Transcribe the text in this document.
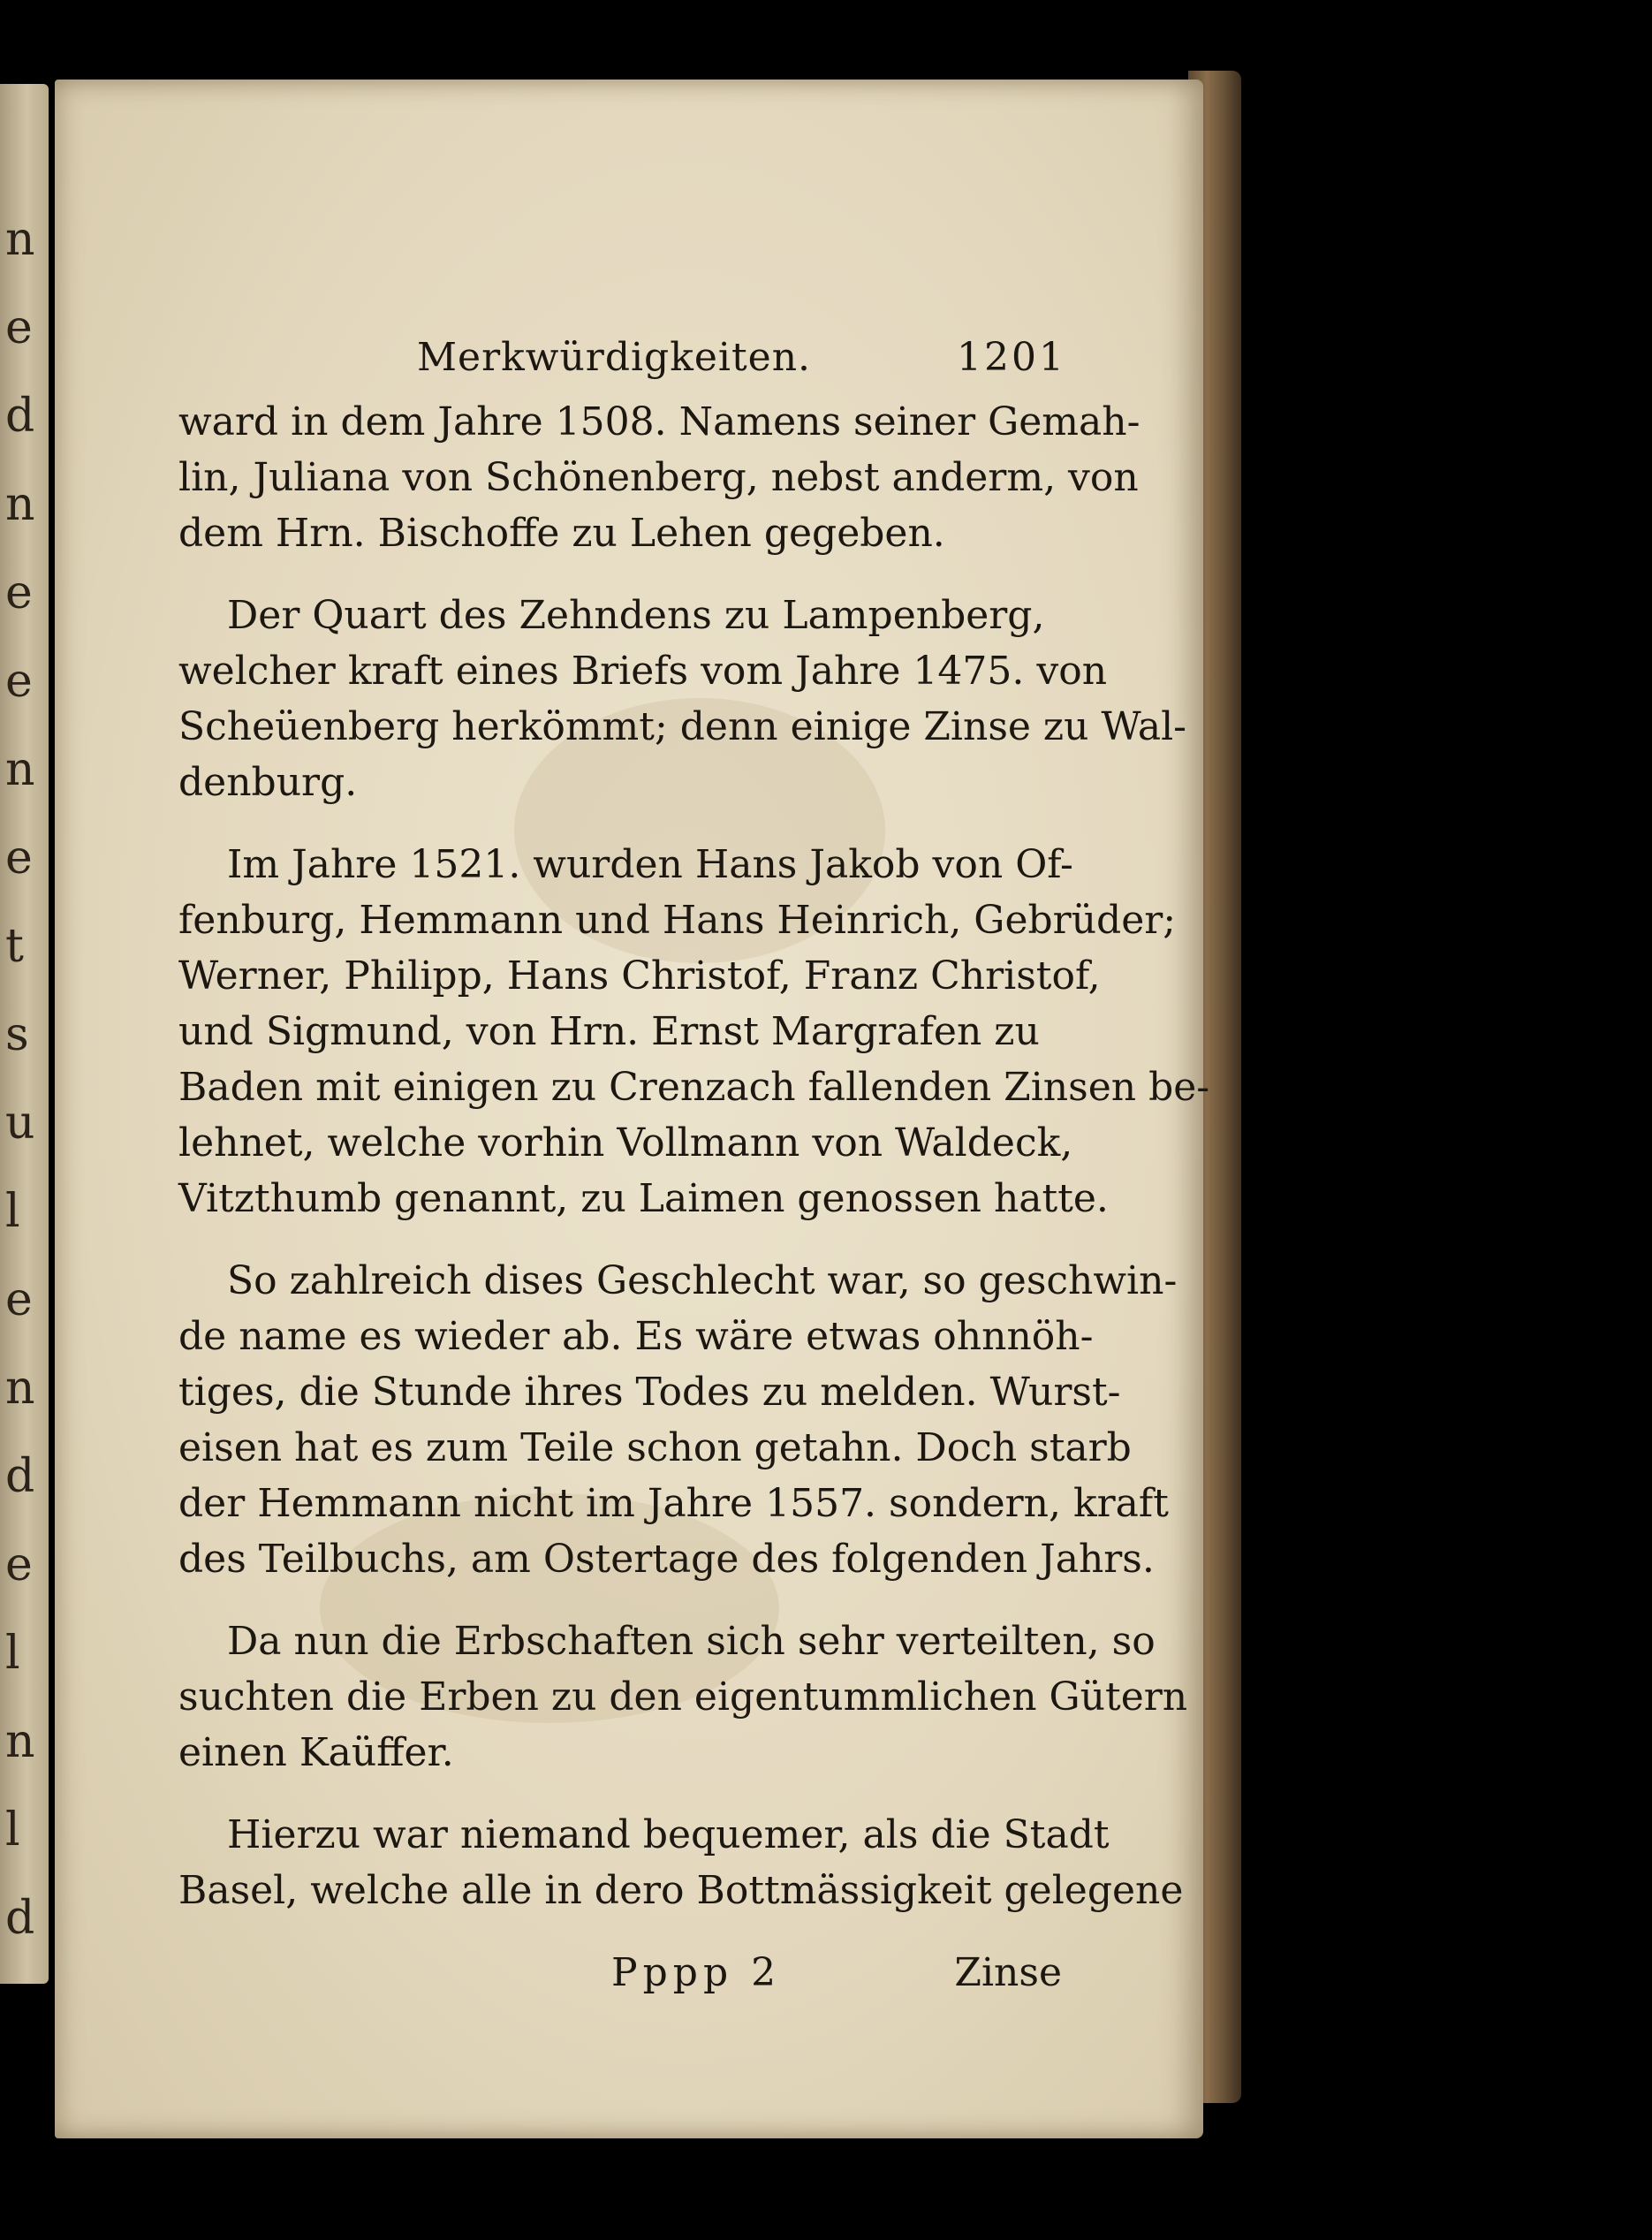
n
e
d
n
e
e
n
e
t
s
u
l
e
n
d
e
l
n
l
d
Merkwürdigkeiten.	1201
ward in dem Jahre 1508. Namens seiner Gemah-
lin, Juliana von Schönenberg, nebst anderm, von
dem Hrn. Bischoffe zu Lehen gegeben.
Der Quart des Zehndens zu Lampenberg,
welcher kraft eines Briefs vom Jahre 1475. von
Scheüenberg herkömmt; denn einige Zinse zu Wal-
denburg.
Im Jahre 1521. wurden Hans Jakob von Of-
fenburg, Hemmann und Hans Heinrich, Gebrüder;
Werner, Philipp, Hans Christof, Franz Christof,
und Sigmund, von Hrn. Ernst Margrafen zu
Baden mit einigen zu Crenzach fallenden Zinsen be-
lehnet, welche vorhin Vollmann von Waldeck,
Vitzthumb genannt, zu Laimen genossen hatte.
So zahlreich dises Geschlecht war, so geschwin-
de name es wieder ab. Es wäre etwas ohnnöh-
tiges, die Stunde ihres Todes zu melden. Wurst-
eisen hat es zum Teile schon getahn. Doch starb
der Hemmann nicht im Jahre 1557. sondern, kraft
des Teilbuchs, am Ostertage des folgenden Jahrs.
Da nun die Erbschaften sich sehr verteilten, so
suchten die Erben zu den eigentummlichen Gütern
einen Kaüffer.
Hierzu war niemand bequemer, als die Stadt
Basel, welche alle in dero Bottmässigkeit gelegene
Pppp 2	Zinse
